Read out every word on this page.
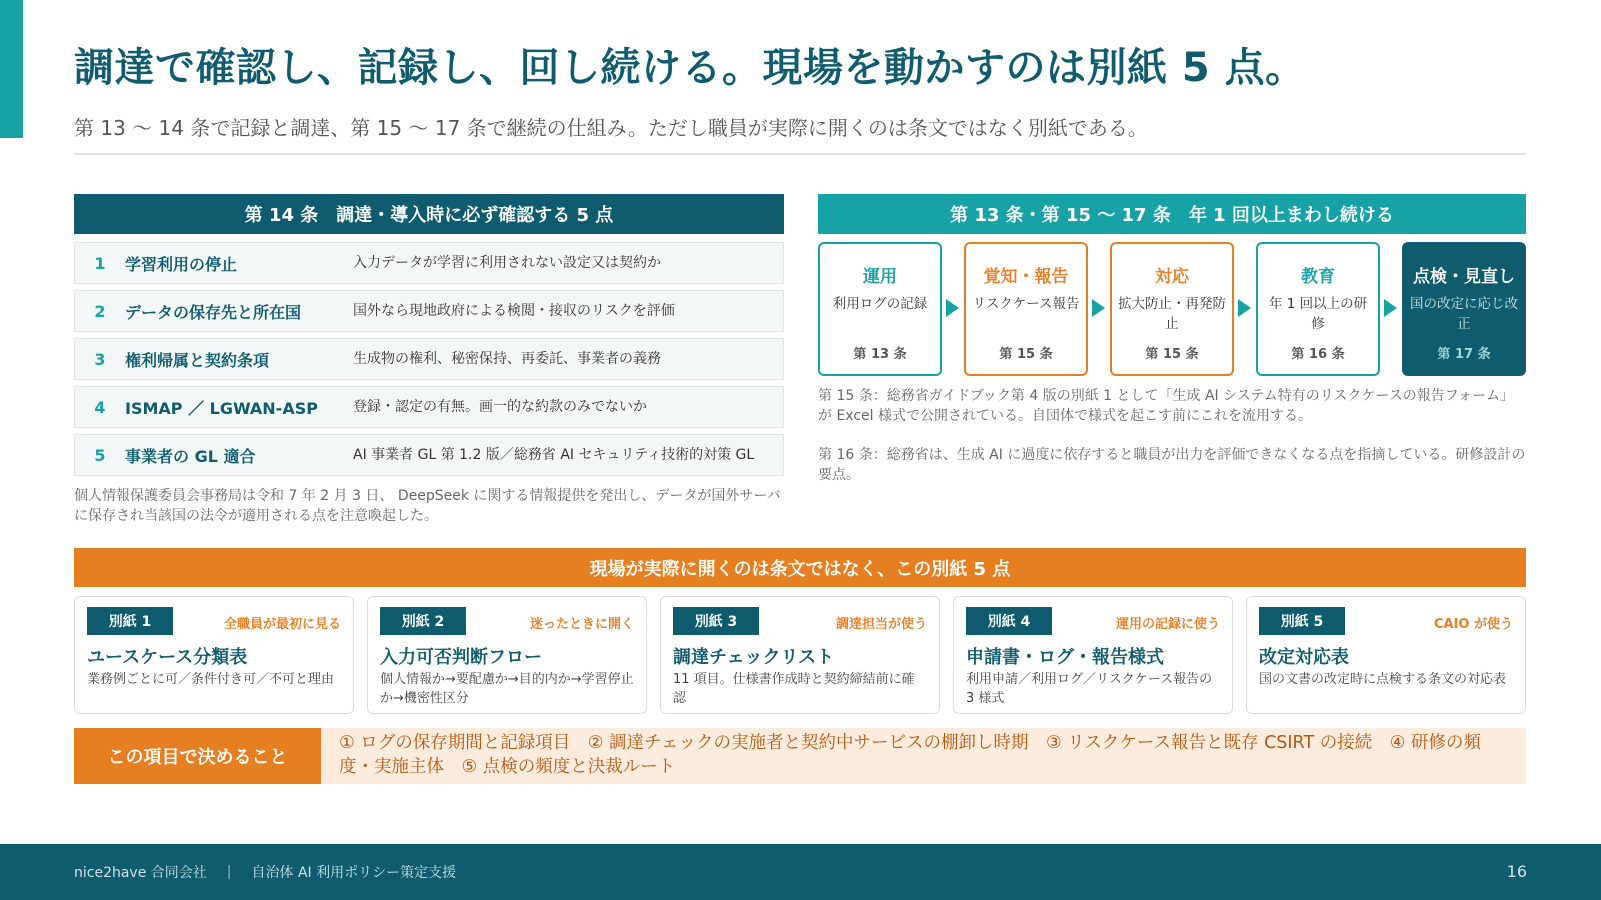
調達で確認し、記録し、回し続ける。現場を動かすのは別紙 5 点。
第 13 〜 14 条で記録と調達、第 15 〜 17 条で継続の仕組み。ただし職員が実際に開くのは条文ではなく別紙である。
第 14 条　調達・導入時に必ず確認する 5 点
1	学習利用の停止	入力データが学習に利用されない設定又は契約か
2	データの保存先と所在国	国外なら現地政府による検閲・接収のリスクを評価
3	権利帰属と契約条項	生成物の権利、秘密保持、再委託、事業者の義務
4	ISMAP ／ LGWAN-ASP	登録・認定の有無。画一的な約款のみでないか
5	事業者の GL 適合	AI 事業者 GL 第 1.2 版／総務省 AI セキュリティ技術的対策 GL
個人情報保護委員会事務局は令和 7 年 2 月 3 日、 DeepSeek に関する情報提供を発出し、データが国外サーバに保存され当該国の法令が適用される点を注意喚起した。
第 13 条・第 15 〜 17 条　年 1 回以上まわし続ける
運用
利用ログの記録
第 13 条
覚知・報告
リスクケース報告
第 15 条
対応
拡大防止・再発防止
第 15 条
教育
年 1 回以上の研修
第 16 条
点検・見直し
国の改定に応じ改正
第 17 条
第 15 条：総務省ガイドブック第 4 版の別紙 1 として「生成 AI システム特有のリスクケースの報告フォーム」が Excel 様式で公開されている。自団体で様式を起こす前にこれを流用する。
第 16 条：総務省は、生成 AI に過度に依存すると職員が出力を評価できなくなる点を指摘している。研修設計の要点。
現場が実際に開くのは条文ではなく、この別紙 5 点
別紙 1	全職員が最初に見る
ユースケース分類表
業務例ごとに可／条件付き可／不可と理由
別紙 2	迷ったときに開く
入力可否判断フロー
個人情報か→要配慮か→目的内か→学習停止か→機密性区分
別紙 3	調達担当が使う
調達チェックリスト
11 項目。仕様書作成時と契約締結前に確認
別紙 4	運用の記録に使う
申請書・ログ・報告様式
利用申請／利用ログ／リスクケース報告の 3 様式
別紙 5	CAIO が使う
改定対応表
国の文書の改定時に点検する条文の対応表
この項目で決めること
① ログの保存期間と記録項目　② 調達チェックの実施者と契約中サービスの棚卸し時期　③ リスクケース報告と既存 CSIRT の接続　④ 研修の頻度・実施主体　⑤ 点検の頻度と決裁ルート
nice2have 合同会社 | 自治体 AI 利用ポリシー策定支援	16
